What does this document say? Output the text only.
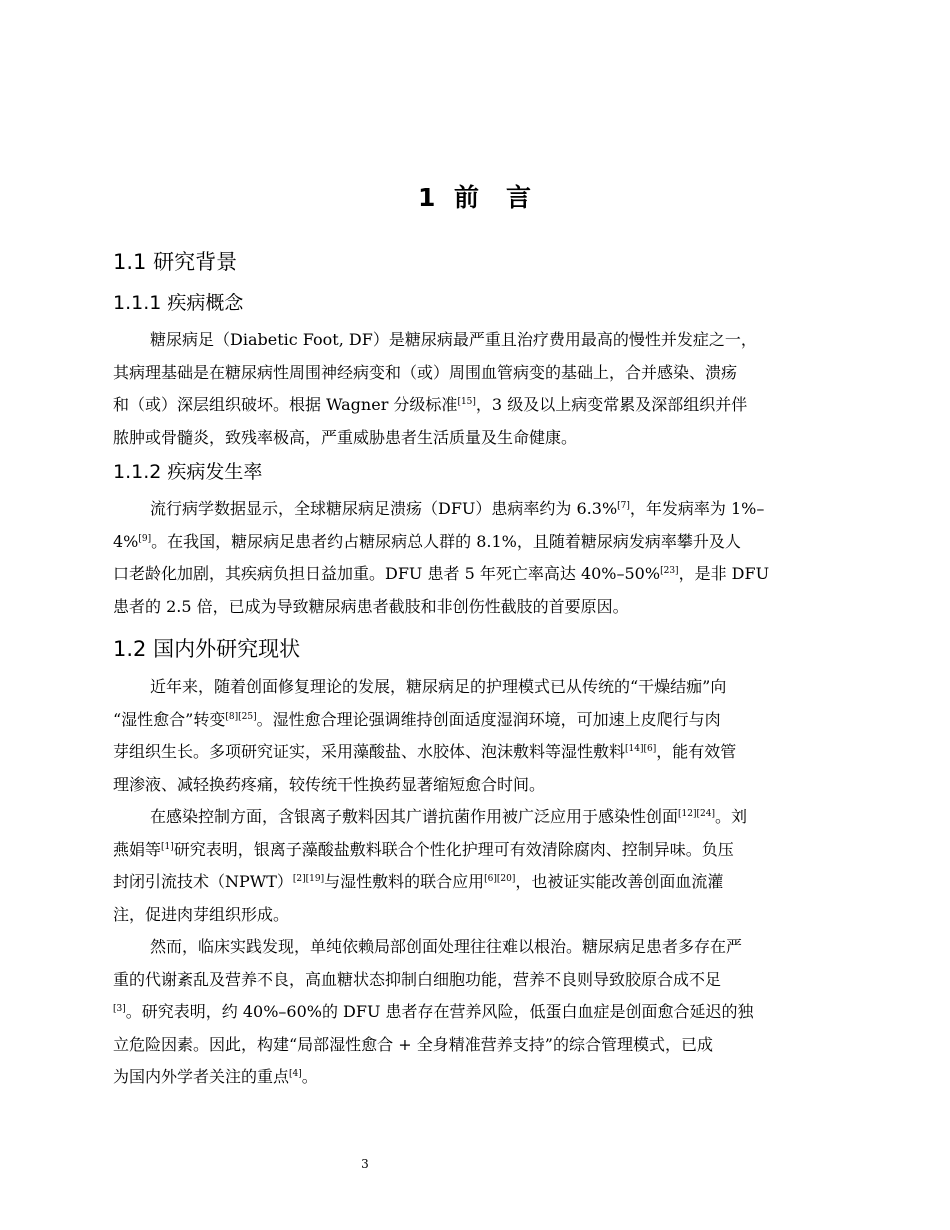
1 前　言
1.1 研究背景
1.1.1 疾病概念
糖尿病足（Diabetic Foot, DF）是糖尿病最严重且治疗费用最高的慢性并发症之一，
其病理基础是在糖尿病性周围神经病变和（或）周围血管病变的基础上，合并感染、溃疡
和（或）深层组织破坏。根据 Wagner 分级标准[15]，3 级及以上病变常累及深部组织并伴
脓肿或骨髓炎，致残率极高，严重威胁患者生活质量及生命健康。
1.1.2 疾病发生率
流行病学数据显示，全球糖尿病足溃疡（DFU）患病率约为 6.3%[7]，年发病率为 1%–
4%[9]。在我国，糖尿病足患者约占糖尿病总人群的 8.1%，且随着糖尿病发病率攀升及人
口老龄化加剧，其疾病负担日益加重。DFU 患者 5 年死亡率高达 40%–50%[23]，是非 DFU
患者的 2.5 倍，已成为导致糖尿病患者截肢和非创伤性截肢的首要原因。
1.2 国内外研究现状
近年来，随着创面修复理论的发展，糖尿病足的护理模式已从传统的“干燥结痂”向
“湿性愈合”转变[8][25]。湿性愈合理论强调维持创面适度湿润环境，可加速上皮爬行与肉
芽组织生长。多项研究证实，采用藻酸盐、水胶体、泡沫敷料等湿性敷料[14][6]，能有效管
理渗液、减轻换药疼痛，较传统干性换药显著缩短愈合时间。
在感染控制方面，含银离子敷料因其广谱抗菌作用被广泛应用于感染性创面[12][24]。刘
燕娟等[1]研究表明，银离子藻酸盐敷料联合个性化护理可有效清除腐肉、控制异味。负压
封闭引流技术（NPWT）[2][19]与湿性敷料的联合应用[6][20]，也被证实能改善创面血流灌
注，促进肉芽组织形成。
然而，临床实践发现，单纯依赖局部创面处理往往难以根治。糖尿病足患者多存在严
重的代谢紊乱及营养不良，高血糖状态抑制白细胞功能，营养不良则导致胶原合成不足
[3]。研究表明，约 40%–60%的 DFU 患者存在营养风险，低蛋白血症是创面愈合延迟的独
立危险因素。因此，构建“局部湿性愈合 + 全身精准营养支持”的综合管理模式，已成
为国内外学者关注的重点[4]。
3
